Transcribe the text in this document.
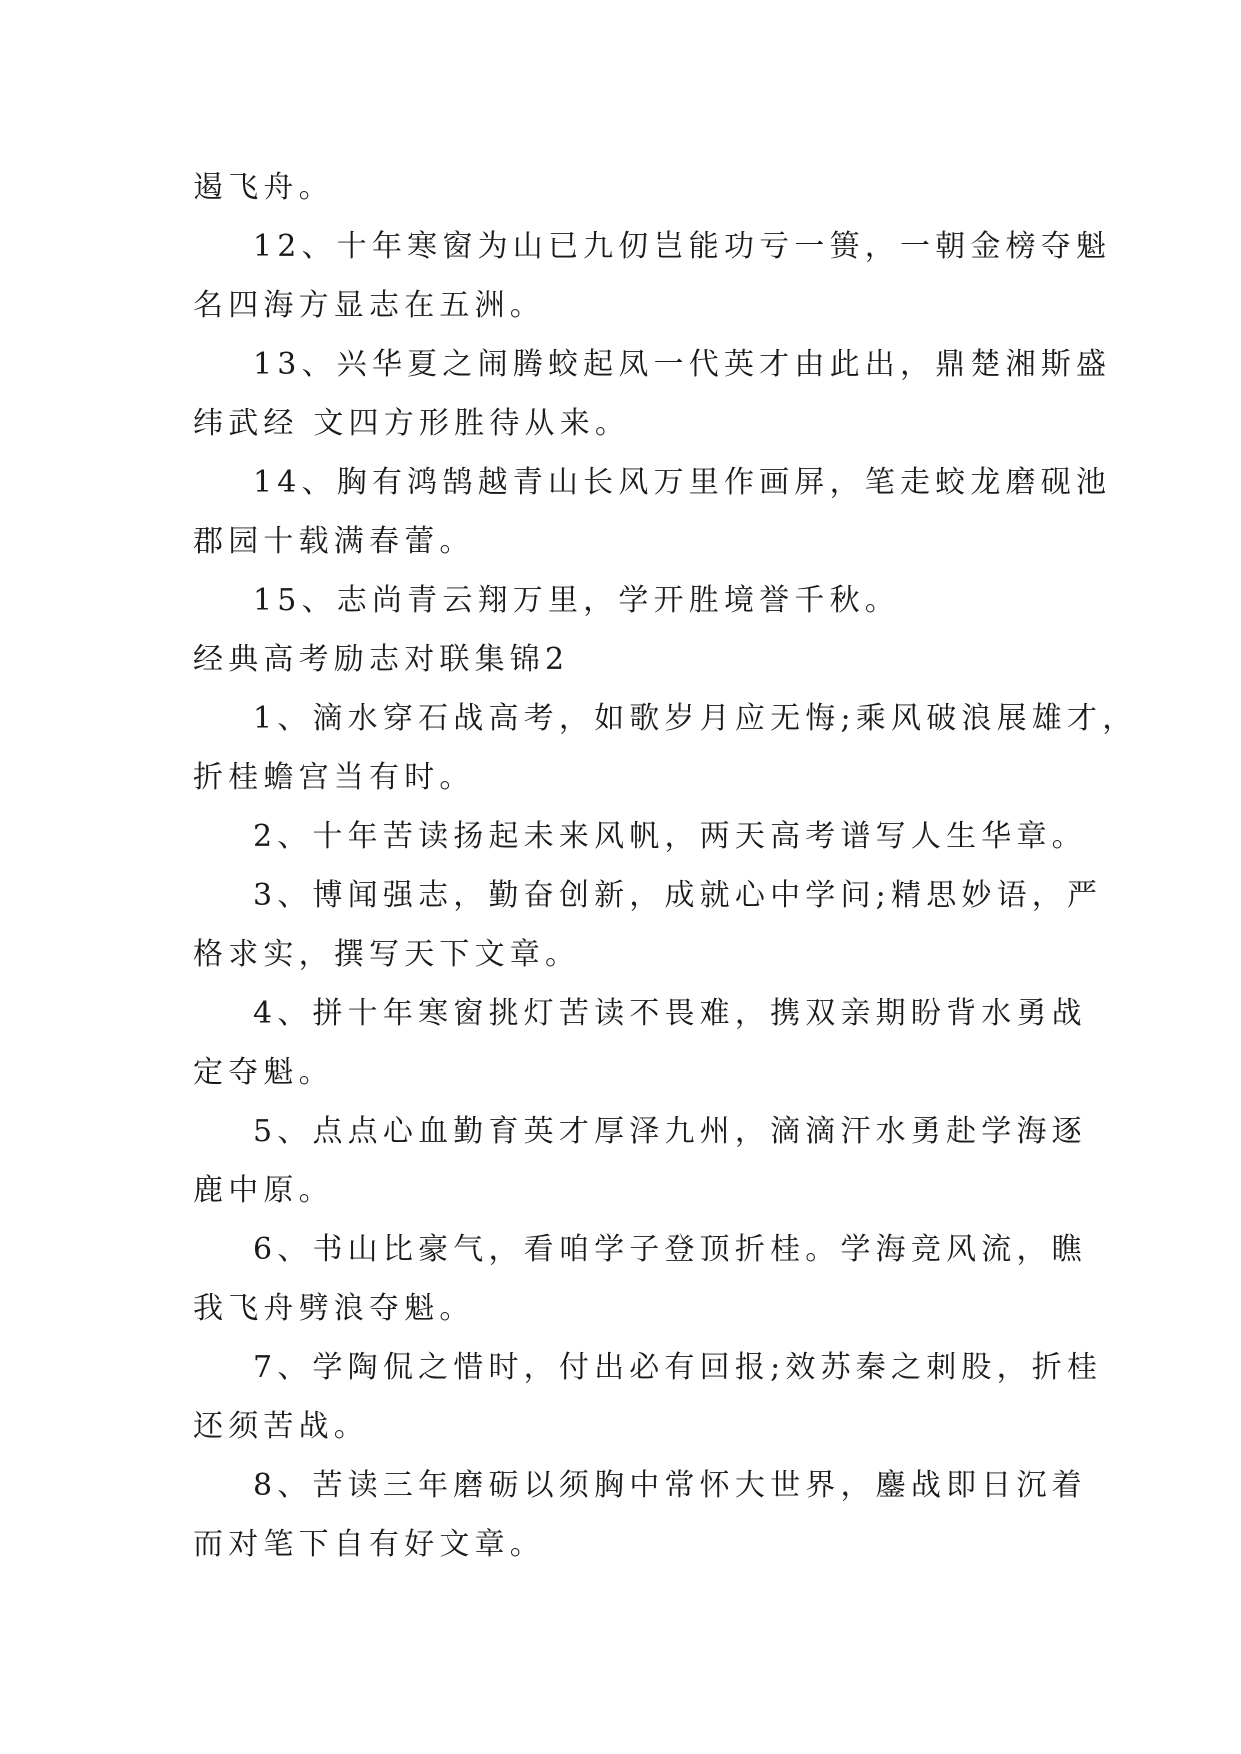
遏飞舟。
12、十年寒窗为山已九仞岂能功亏一篑，一朝金榜夺魁
名四海方显志在五洲。
13、兴华夏之闹腾蛟起凤一代英才由此出，鼎楚湘斯盛
纬武经 文四方形胜待从来。
14、胸有鸿鹄越青山长风万里作画屏，笔走蛟龙磨砚池
郡园十载满春蕾。
15、志尚青云翔万里，学开胜境誉千秋。
经典高考励志对联集锦2
1、滴水穿石战高考，如歌岁月应无悔;乘风破浪展雄才，
折桂蟾宫当有时。
2、十年苦读扬起未来风帆，两天高考谱写人生华章。
3、博闻强志，勤奋创新，成就心中学问;精思妙语，严
格求实，撰写天下文章。
4、拼十年寒窗挑灯苦读不畏难，携双亲期盼背水勇战
定夺魁。
5、点点心血勤育英才厚泽九州，滴滴汗水勇赴学海逐
鹿中原。
6、书山比豪气，看咱学子登顶折桂。学海竞风流，瞧
我飞舟劈浪夺魁。
7、学陶侃之惜时，付出必有回报;效苏秦之刺股，折桂
还须苦战。
8、苦读三年磨砺以须胸中常怀大世界，鏖战即日沉着
而对笔下自有好文章。
